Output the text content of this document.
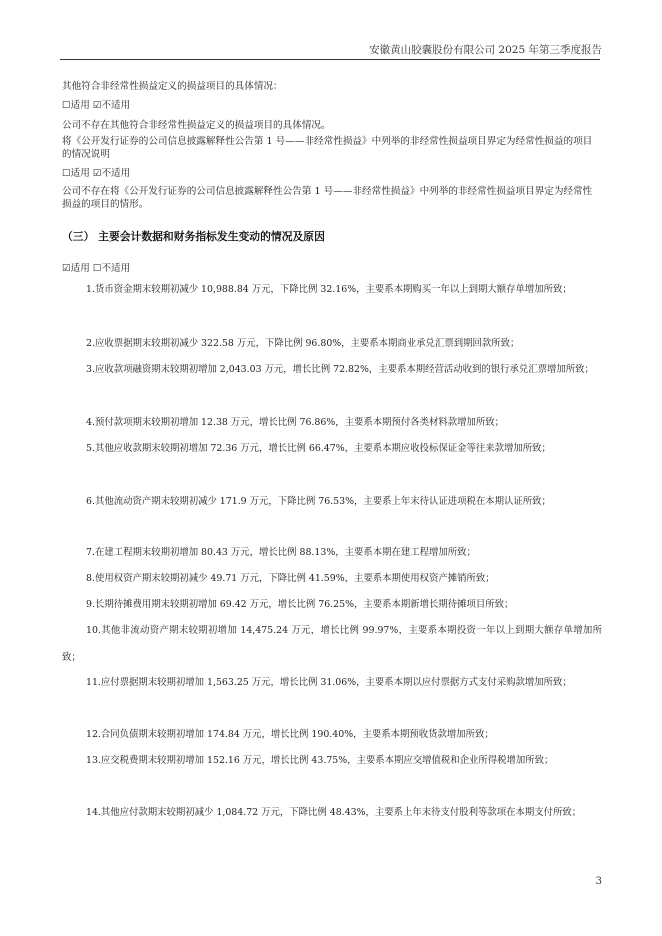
安徽黄山胶囊股份有限公司 2025 年第三季度报告
其他符合非经常性损益定义的损益项目的具体情况：
☐适用 ☑不适用
公司不存在其他符合非经常性损益定义的损益项目的具体情况。
将《公开发行证券的公司信息披露解释性公告第 1 号——非经常性损益》中列举的非经常性损益项目界定为经常性损益的项目的情况说明
☐适用 ☑不适用
公司不存在将《公开发行证券的公司信息披露解释性公告第 1 号——非经常性损益》中列举的非经常性损益项目界定为经常性损益的项目的情形。
（三） 主要会计数据和财务指标发生变动的情况及原因
☑适用 ☐不适用
1.货币资金期末较期初减少 10,988.84 万元，下降比例 32.16%，主要系本期购买一年以上到期大额存单增加所致；
2.应收票据期末较期初减少 322.58 万元，下降比例 96.80%，主要系本期商业承兑汇票到期回款所致；
3.应收款项融资期末较期初增加 2,043.03 万元，增长比例 72.82%，主要系本期经营活动收到的银行承兑汇票增加所致；
4.预付款项期末较期初增加 12.38 万元，增长比例 76.86%，主要系本期预付各类材料款增加所致；
5.其他应收款期末较期初增加 72.36 万元，增长比例 66.47%，主要系本期应收投标保证金等往来款增加所致；
6.其他流动资产期末较期初减少 171.9 万元，下降比例 76.53%，主要系上年末待认证进项税在本期认证所致；
7.在建工程期末较期初增加 80.43 万元，增长比例 88.13%，主要系本期在建工程增加所致；
8.使用权资产期末较期初减少 49.71 万元，下降比例 41.59%，主要系本期使用权资产摊销所致；
9.长期待摊费用期末较期初增加 69.42 万元，增长比例 76.25%，主要系本期新增长期待摊项目所致；
10.其他非流动资产期末较期初增加 14,475.24 万元，增长比例 99.97%，主要系本期投资一年以上到期大额存单增加所致；
11.应付票据期末较期初增加 1,563.25 万元，增长比例 31.06%，主要系本期以应付票据方式支付采购款增加所致；
12.合同负债期末较期初增加 174.84 万元，增长比例 190.40%，主要系本期预收货款增加所致；
13.应交税费期末较期初增加 152.16 万元，增长比例 43.75%，主要系本期应交增值税和企业所得税增加所致；
14.其他应付款期末较期初减少 1,084.72 万元，下降比例 48.43%，主要系上年末待支付股利等款项在本期支付所致；
3
